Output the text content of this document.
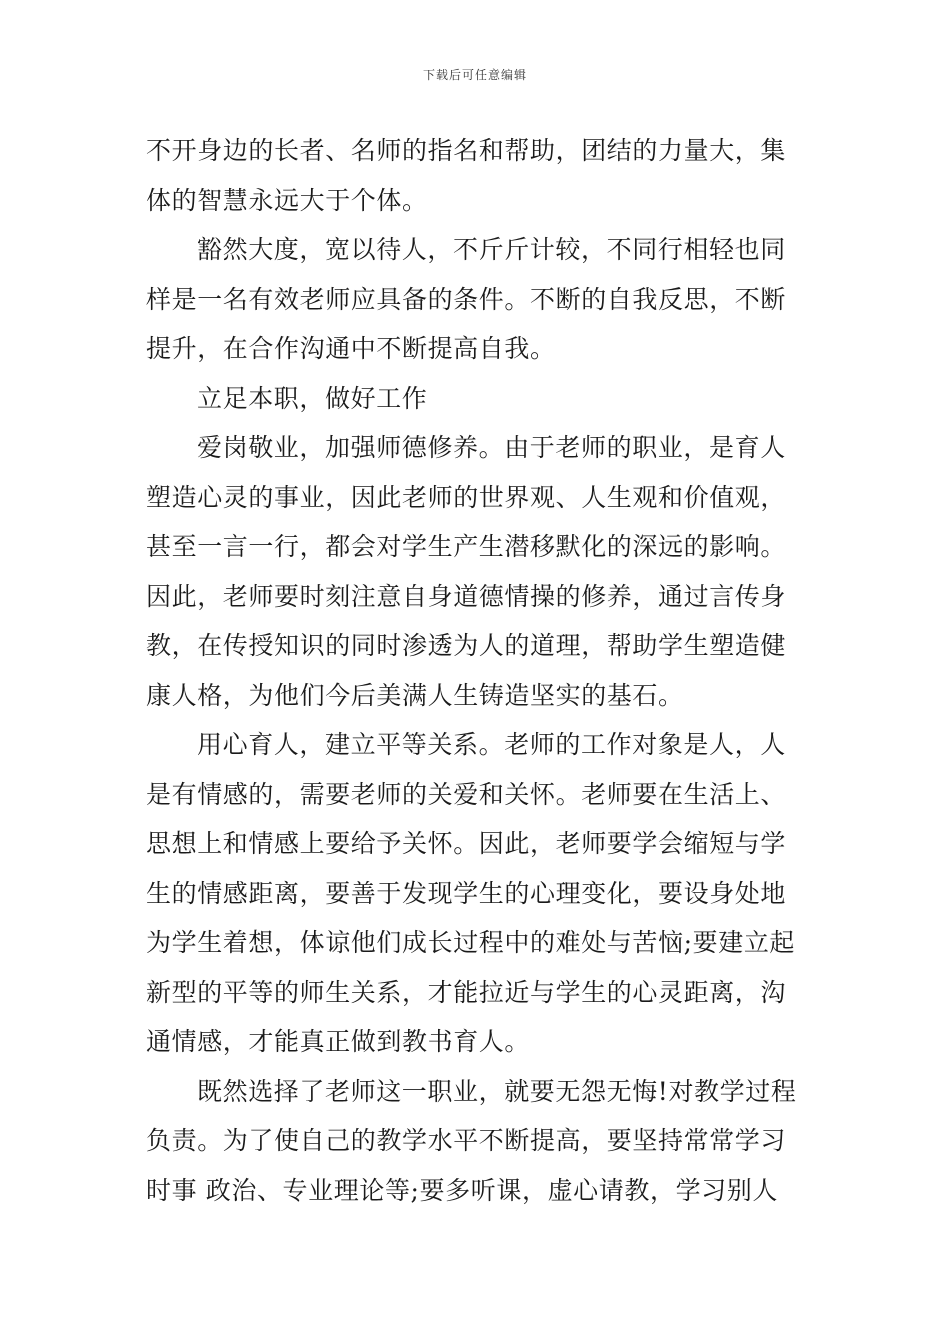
下载后可任意编辑
不开身边的长者、名师的指名和帮助，团结的力量大，集
体的智慧永远大于个体。
豁然大度，宽以待人，不斤斤计较，不同行相轻也同
样是一名有效老师应具备的条件。不断的自我反思，不断
提升，在合作沟通中不断提高自我。
立足本职，做好工作
爱岗敬业，加强师德修养。由于老师的职业，是育人
塑造心灵的事业，因此老师的世界观、人生观和价值观，
甚至一言一行，都会对学生产生潜移默化的深远的影响。
因此，老师要时刻注意自身道德情操的修养，通过言传身
教，在传授知识的同时渗透为人的道理，帮助学生塑造健
康人格，为他们今后美满人生铸造坚实的基石。
用心育人，建立平等关系。老师的工作对象是人，人
是有情感的，需要老师的关爱和关怀。老师要在生活上、
思想上和情感上要给予关怀。因此，老师要学会缩短与学
生的情感距离，要善于发现学生的心理变化，要设身处地
为学生着想，体谅他们成长过程中的难处与苦恼;要建立起
新型的平等的师生关系，才能拉近与学生的心灵距离，沟
通情感，才能真正做到教书育人。
既然选择了老师这一职业，就要无怨无悔!对教学过程
负责。为了使自己的教学水平不断提高，要坚持常常学习
时事 政治、专业理论等;要多听课，虚心请教，学习别人
